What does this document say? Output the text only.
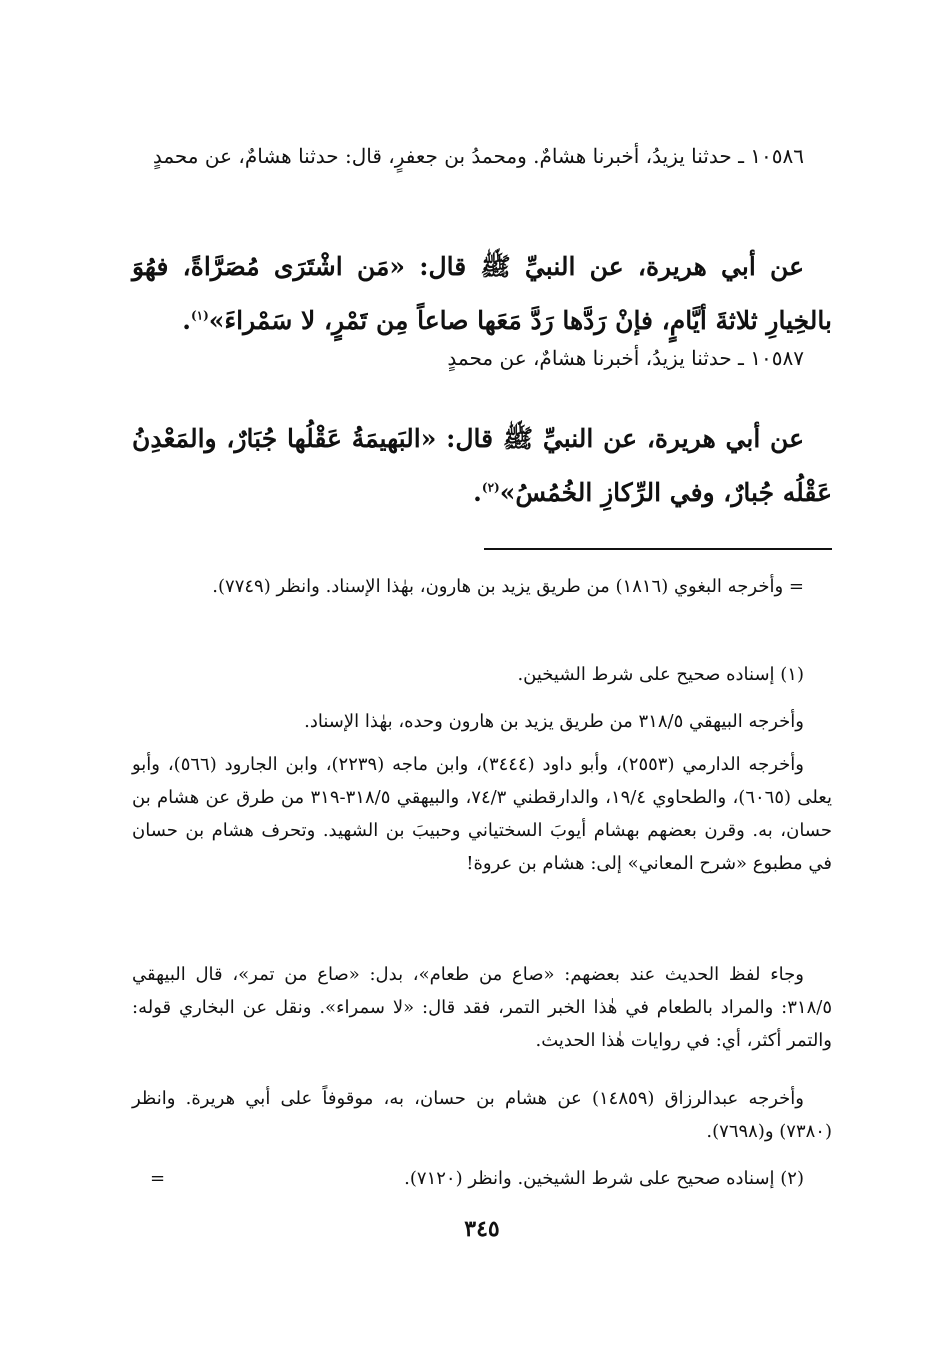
١٠٥٨٦ ـ حدثنا يزيدُ، أخبرنا هشامٌ. ومحمدُ بن جعفرٍ، قال: حدثنا هشامٌ، عن محمدٍ

عن أبي هريرة، عن النبيِّ ﷺ قال: «مَن اشْتَرَى مُصَرَّاةً، فهُوَ بالخِيارِ ثلاثةَ أيَّامٍ، فإنْ رَدَّها رَدَّ مَعَها صاعاً مِن تَمْرٍ، لا سَمْراءَ»$^{(١)}$.

١٠٥٨٧ ـ حدثنا يزيدُ، أخبرنا هشامٌ، عن محمدٍ

عن أبي هريرة، عن النبيِّ ﷺ قال: «البَهيمَةُ عَقْلُها جُبَارٌ، والمَعْدِنُ عَقْلُه جُبارٌ، وفي الرِّكازِ الخُمُسُ»$^{(٢)}$.

= وأخرجه البغوي (١٨١٦) من طريق يزيد بن هارون، بهٰذا الإسناد. وانظر (٧٧٤٩).

(١) إسناده صحيح على شرط الشيخين.

وأخرجه البيهقي ٣١٨/٥ من طريق يزيد بن هارون وحده، بهٰذا الإسناد.

وأخرجه الدارمي (٢٥٥٣)، وأبو داود (٣٤٤٤)، وابن ماجه (٢٢٣٩)، وابن الجارود (٥٦٦)، وأبو يعلى (٦٠٦٥)، والطحاوي ١٩/٤، والدارقطني ٧٤/٣، والبيهقي ٣١٨/٥-٣١٩ من طرق عن هشام بن حسان، به. وقرن بعضهم بهشام أيوبَ السختياني وحبيبَ بن الشهيد. وتحرف هشام بن حسان في مطبوع «شرح المعاني» إلى: هشام بن عروة!

وجاء لفظ الحديث عند بعضهم: «صاع من طعام»، بدل: «صاع من تمر»، قال البيهقي ٣١٨/٥: والمراد بالطعام في هٰذا الخبر التمر، فقد قال: «لا سمراء». ونقل عن البخاري قوله: والتمر أكثر، أي: في روايات هٰذا الحديث.

وأخرجه عبدالرزاق (١٤٨٥٩) عن هشام بن حسان، به، موقوفاً على أبي هريرة. وانظر (٧٣٨٠) و(٧٦٩٨).

(٢) إسناده صحيح على شرط الشيخين. وانظر (٧١٢٠).
=

٣٤٥
